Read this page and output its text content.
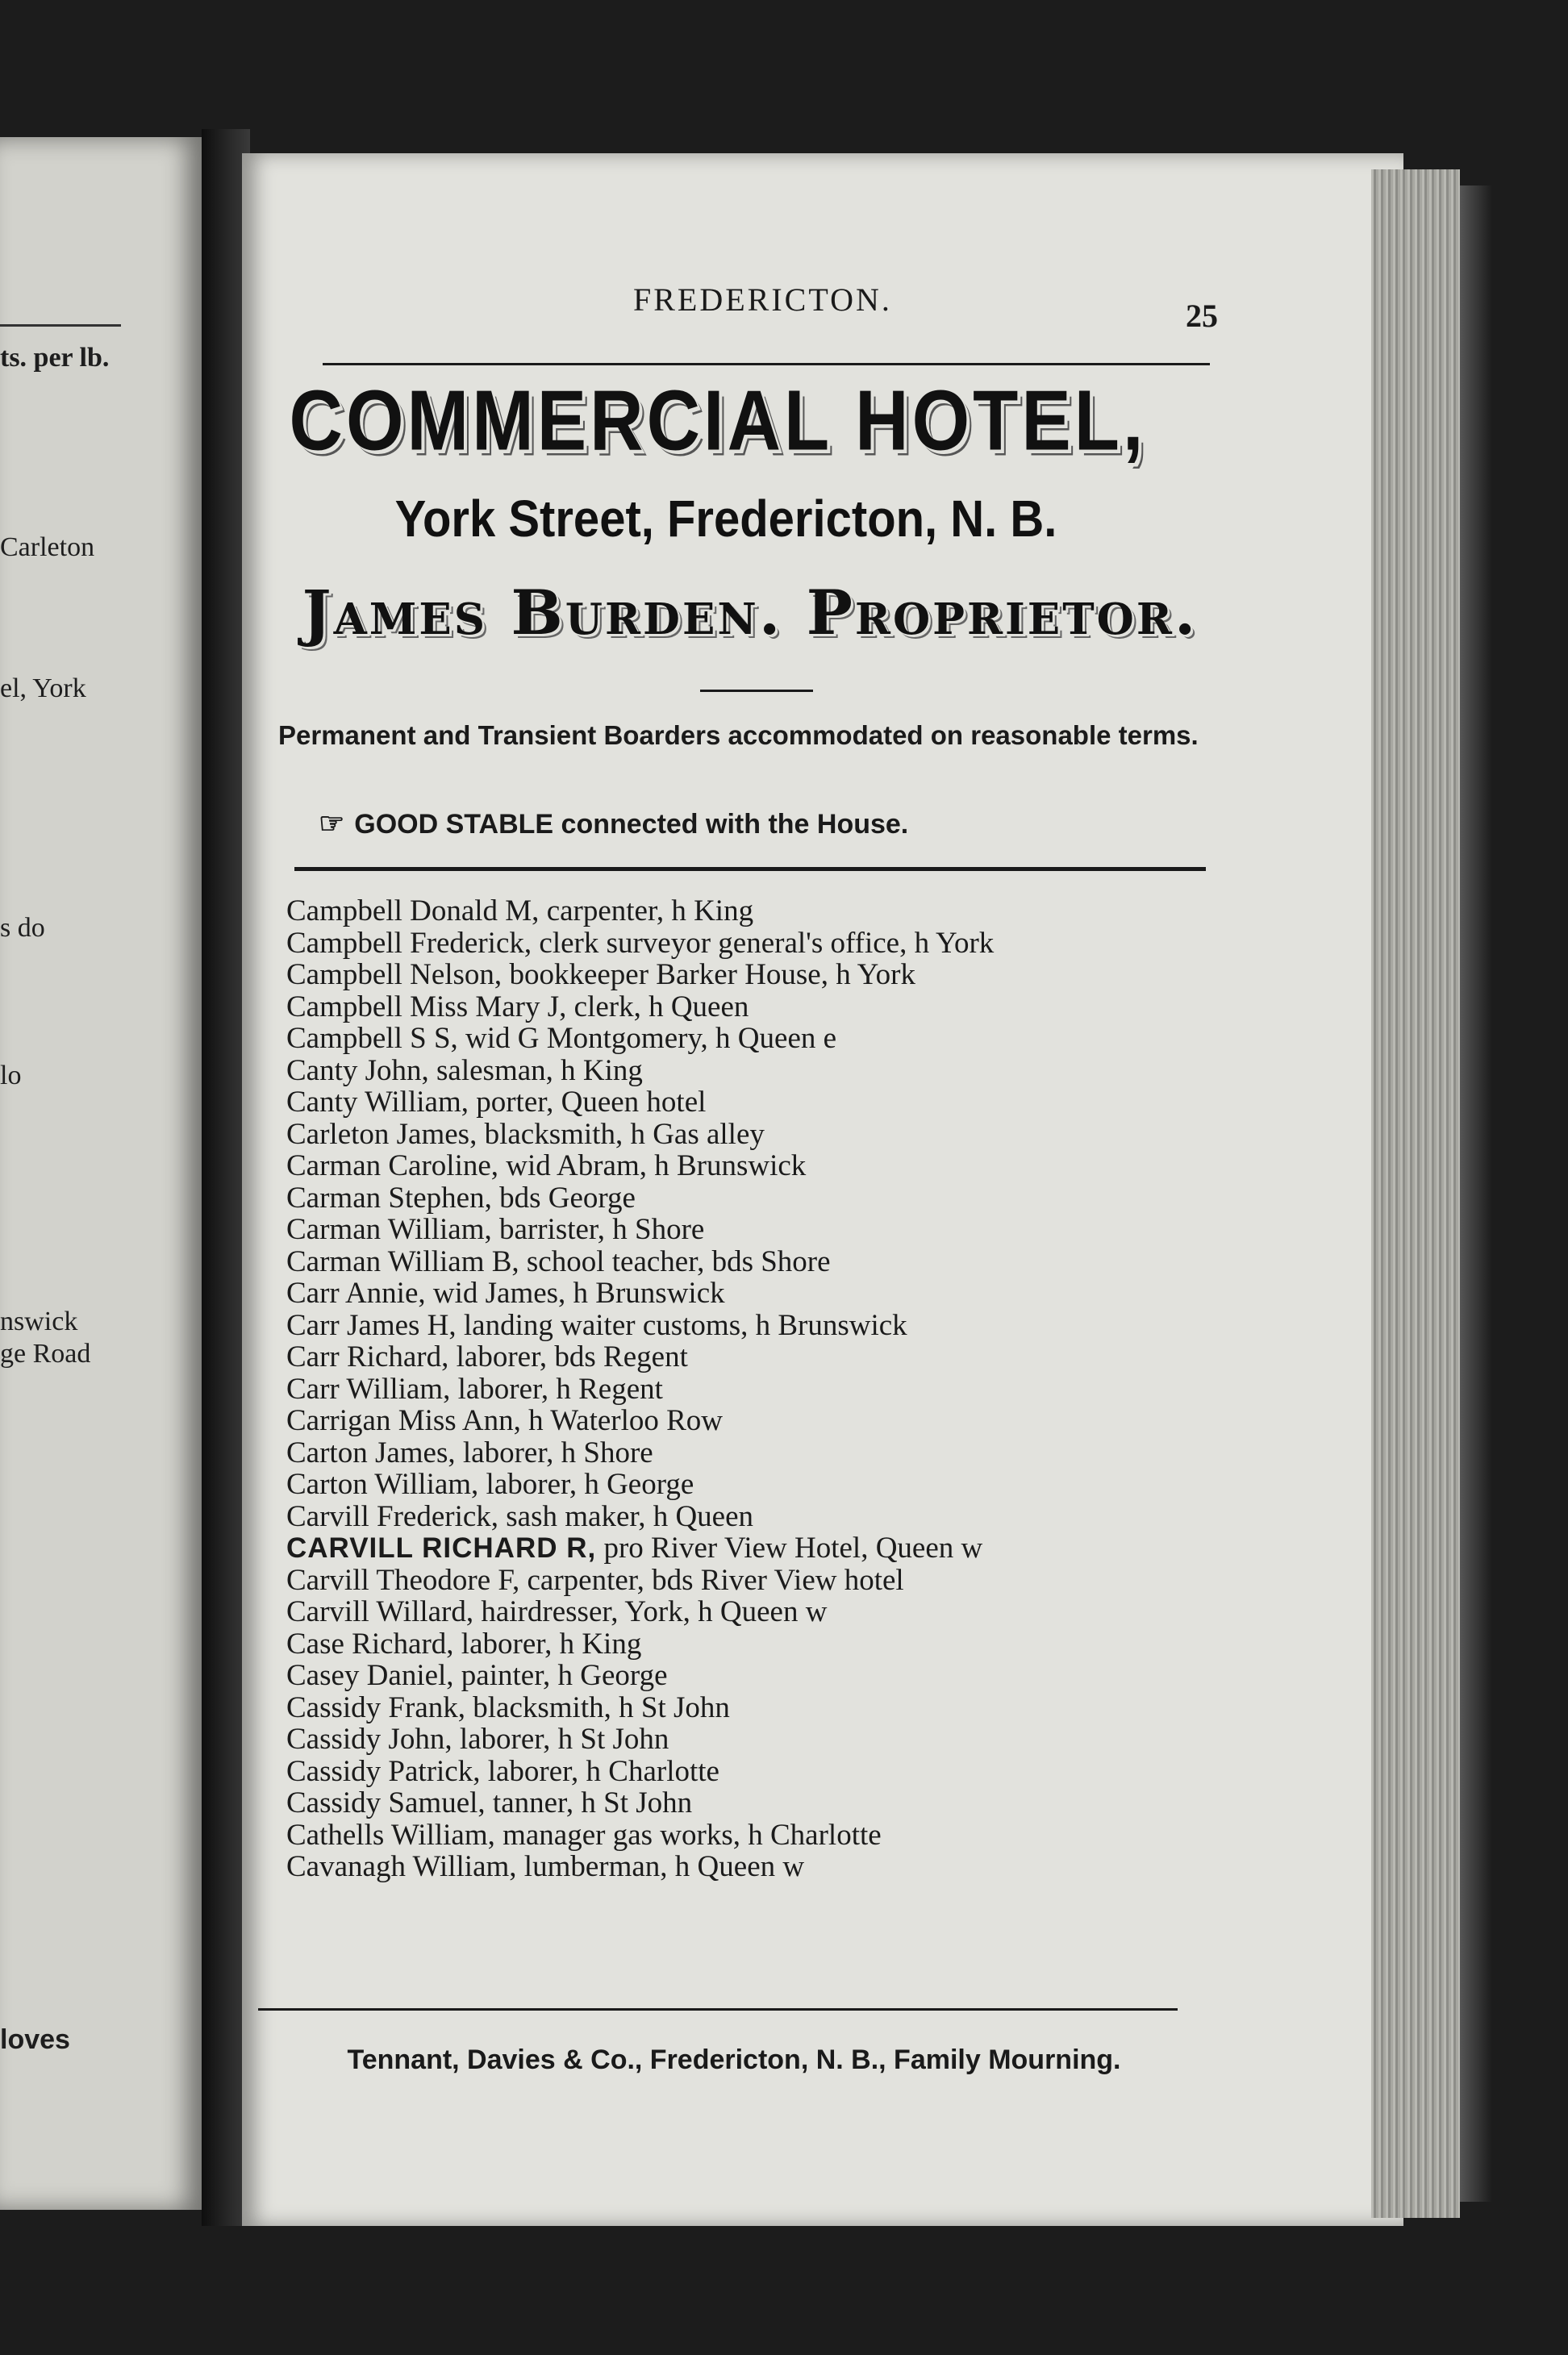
ts. per lb.
Carleton
el, York
s do
lo
nswick
ge Road
loves
FREDERICTON.	25
COMMERCIAL HOTEL,
York Street, Fredericton, N. B.
James Burden. Proprietor.
Permanent and Transient Boarders accommodated on reasonable terms.
☞ GOOD STABLE connected with the House.
Campbell Donald M, carpenter, h King
Campbell Frederick, clerk surveyor general's office, h York
Campbell Nelson, bookkeeper Barker House, h York
Campbell Miss Mary J, clerk, h Queen
Campbell S S, wid G Montgomery, h Queen e
Canty John, salesman, h King
Canty William, porter, Queen hotel
Carleton James, blacksmith, h Gas alley
Carman Caroline, wid Abram, h Brunswick
Carman Stephen, bds George
Carman William, barrister, h Shore
Carman William B, school teacher, bds Shore
Carr Annie, wid James, h Brunswick
Carr James H, landing waiter customs, h Brunswick
Carr Richard, laborer, bds Regent
Carr William, laborer, h Regent
Carrigan Miss Ann, h Waterloo Row
Carton James, laborer, h Shore
Carton William, laborer, h George
Carvill Frederick, sash maker, h Queen
CARVILL RICHARD R, pro River View Hotel, Queen w
Carvill Theodore F, carpenter, bds River View hotel
Carvill Willard, hairdresser, York, h Queen w
Case Richard, laborer, h King
Casey Daniel, painter, h George
Cassidy Frank, blacksmith, h St John
Cassidy John, laborer, h St John
Cassidy Patrick, laborer, h Charlotte
Cassidy Samuel, tanner, h St John
Cathells William, manager gas works, h Charlotte
Cavanagh William, lumberman, h Queen w
Tennant, Davies & Co., Fredericton, N. B., Family Mourning.
